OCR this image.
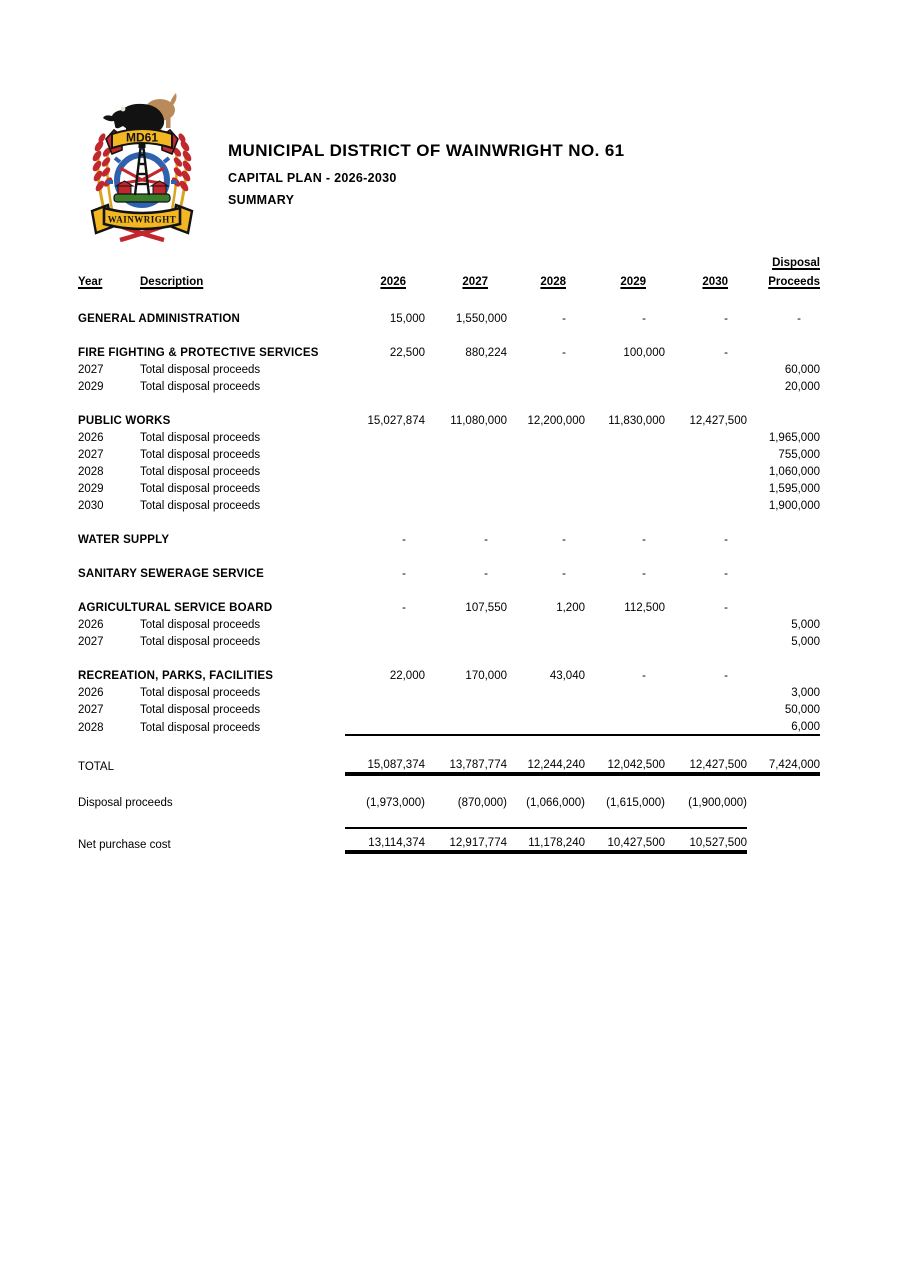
MD61
WAINWRIGHT
MUNICIPAL DISTRICT OF WAINWRIGHT NO. 61
CAPITAL PLAN - 2026-2030
SUMMARY
							Disposal
Year	Description	2026	2027	2028	2029	2030	Proceeds

GENERAL ADMINISTRATION		15,000	1,550,000	-	-	-	-

FIRE FIGHTING & PROTECTIVE SERVICES		22,500	880,224	-	100,000	-	
2027	Total disposal proceeds						60,000
2029	Total disposal proceeds						20,000

PUBLIC WORKS		15,027,874	11,080,000	12,200,000	11,830,000	12,427,500	
2026	Total disposal proceeds						1,965,000
2027	Total disposal proceeds						755,000
2028	Total disposal proceeds						1,060,000
2029	Total disposal proceeds						1,595,000
2030	Total disposal proceeds						1,900,000

WATER SUPPLY		-	-	-	-	-	

SANITARY SEWERAGE SERVICE		-	-	-	-	-	

AGRICULTURAL SERVICE BOARD		-	107,550	1,200	112,500	-	
2026	Total disposal proceeds						5,000
2027	Total disposal proceeds						5,000

RECREATION, PARKS, FACILITIES		22,000	170,000	43,040	-	-	
2026	Total disposal proceeds						3,000
2027	Total disposal proceeds						50,000
2028	Total disposal proceeds						6,000

TOTAL		15,087,374	13,787,774	12,244,240	12,042,500	12,427,500	7,424,000

Disposal proceeds		(1,973,000)	(870,000)	(1,066,000)	(1,615,000)	(1,900,000)	

Net purchase cost		13,114,374	12,917,774	11,178,240	10,427,500	10,527,500	
